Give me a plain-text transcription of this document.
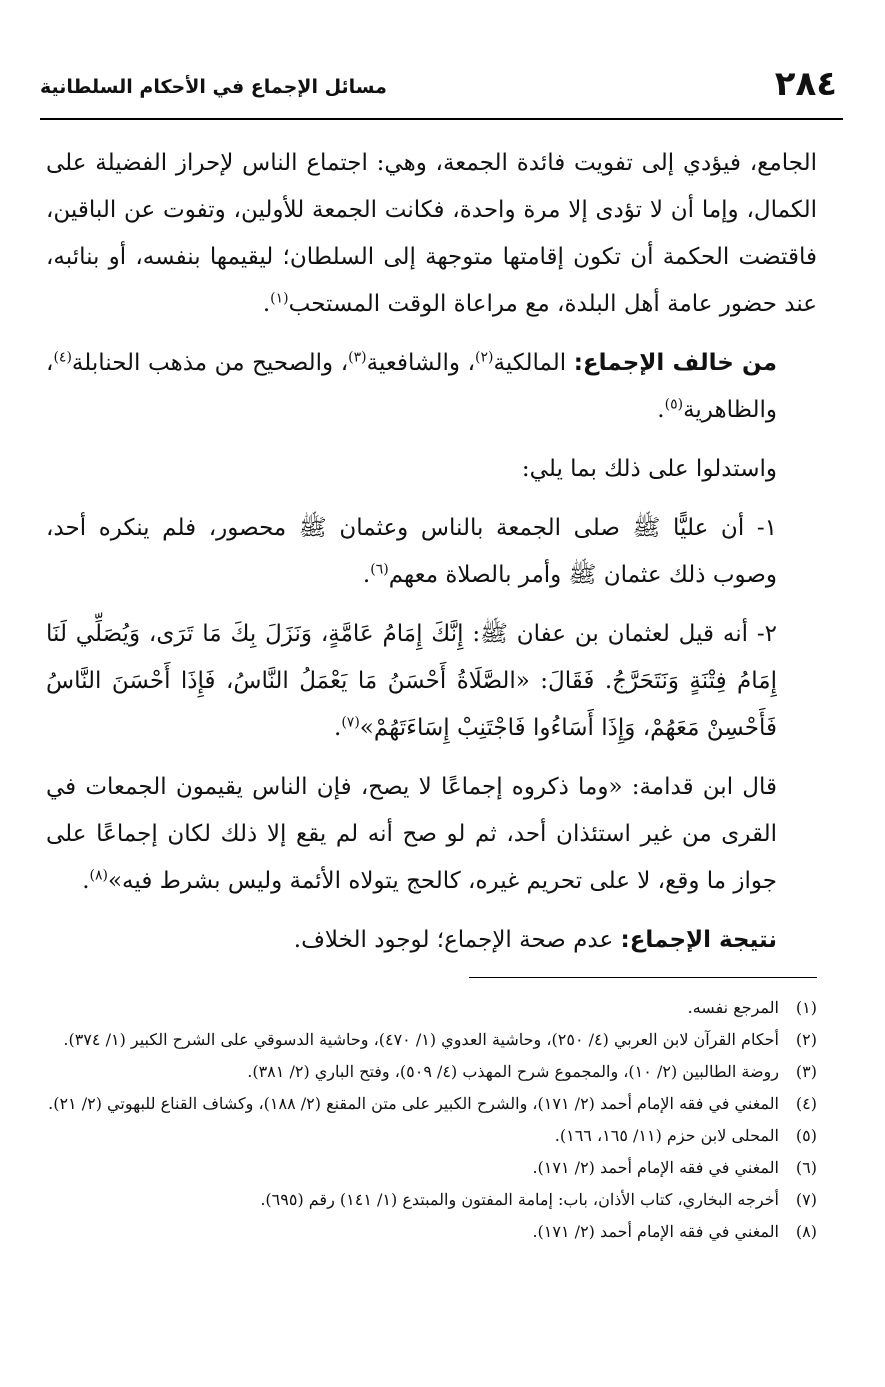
مسائل الإجماع في الأحكام السلطانية	٢٨٤

الجامع، فيؤدي إلى تفويت فائدة الجمعة، وهي: اجتماع الناس لإحراز الفضيلة على الكمال، وإما أن لا تؤدى إلا مرة واحدة، فكانت الجمعة للأولين، وتفوت عن الباقين، فاقتضت الحكمة أن تكون إقامتها متوجهة إلى السلطان؛ ليقيمها بنفسه، أو بنائبه، عند حضور عامة أهل البلدة، مع مراعاة الوقت المستحب$^{(١)}$.

من خالف الإجماع: المالكية$^{(٢)}$، والشافعية$^{(٣)}$، والصحيح من مذهب الحنابلة$^{(٤)}$، والظاهرية$^{(٥)}$.

واستدلوا على ذلك بما يلي:

١- أن عليًّا ﷺ صلى الجمعة بالناس وعثمان ﷺ محصور، فلم ينكره أحد، وصوب ذلك عثمان ﷺ وأمر بالصلاة معهم$^{(٦)}$.

٢- أنه قيل لعثمان بن عفان ﷺ: إِنَّكَ إِمَامُ عَامَّةٍ، وَنَزَلَ بِكَ مَا تَرَى، وَيُصَلِّي لَنَا إِمَامُ فِتْنَةٍ وَنَتَحَرَّجُ. فَقَالَ: «الصَّلَاةُ أَحْسَنُ مَا يَعْمَلُ النَّاسُ، فَإِذَا أَحْسَنَ النَّاسُ فَأَحْسِنْ مَعَهُمْ، وَإِذَا أَسَاءُوا فَاجْتَنِبْ إِسَاءَتَهُمْ»$^{(٧)}$.

قال ابن قدامة: «وما ذكروه إجماعًا لا يصح، فإن الناس يقيمون الجمعات في القرى من غير استئذان أحد، ثم لو صح أنه لم يقع إلا ذلك لكان إجماعًا على جواز ما وقع، لا على تحريم غيره، كالحج يتولاه الأئمة وليس بشرط فيه»$^{(٨)}$.

نتيجة الإجماع: عدم صحة الإجماع؛ لوجود الخلاف.

(١)المرجع نفسه.
(٢)أحكام القرآن لابن العربي (٤/ ٢٥٠)، وحاشية العدوي (١/ ٤٧٠)، وحاشية الدسوقي على الشرح الكبير (١/ ٣٧٤).
(٣)روضة الطالبين (٢/ ١٠)، والمجموع شرح المهذب (٤/ ٥٠٩)، وفتح الباري (٢/ ٣٨١).
(٤)المغني في فقه الإمام أحمد (٢/ ١٧١)، والشرح الكبير على متن المقنع (٢/ ١٨٨)، وكشاف القناع للبهوتي (٢/ ٢١).
(٥)المحلى لابن حزم (١١/ ١٦٥، ١٦٦).
(٦)المغني في فقه الإمام أحمد (٢/ ١٧١).
(٧)أخرجه البخاري، كتاب الأذان، باب: إمامة المفتون والمبتدع (١/ ١٤١) رقم (٦٩٥).
(٨)المغني في فقه الإمام أحمد (٢/ ١٧١).
